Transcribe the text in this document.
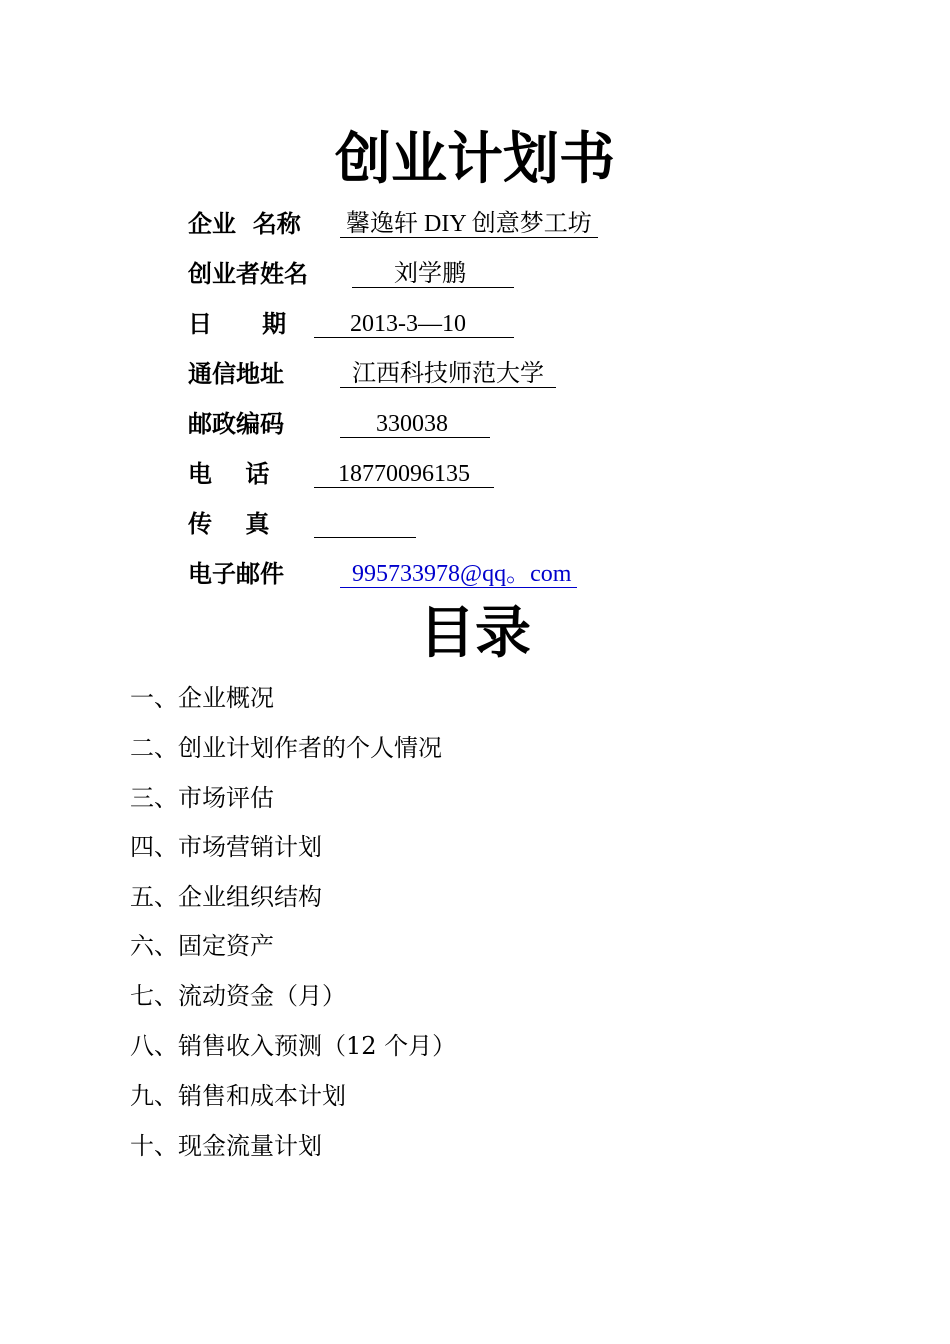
创业计划书
企业  名称 馨逸轩 DIY 创意梦工坊
创业者姓名 刘学鹏
日      期 2013-3—10
通信地址 江西科技师范大学
邮政编码 330038
电    话 18770096135
传    真

电子邮件 995733978@qq。com
目录
一、企业概况
二、创业计划作者的个人情况
三、市场评估
四、市场营销计划
五、企业组织结构
六、固定资产
七、流动资金（月）
八、销售收入预测（12 个月）
九、销售和成本计划
十、现金流量计划
